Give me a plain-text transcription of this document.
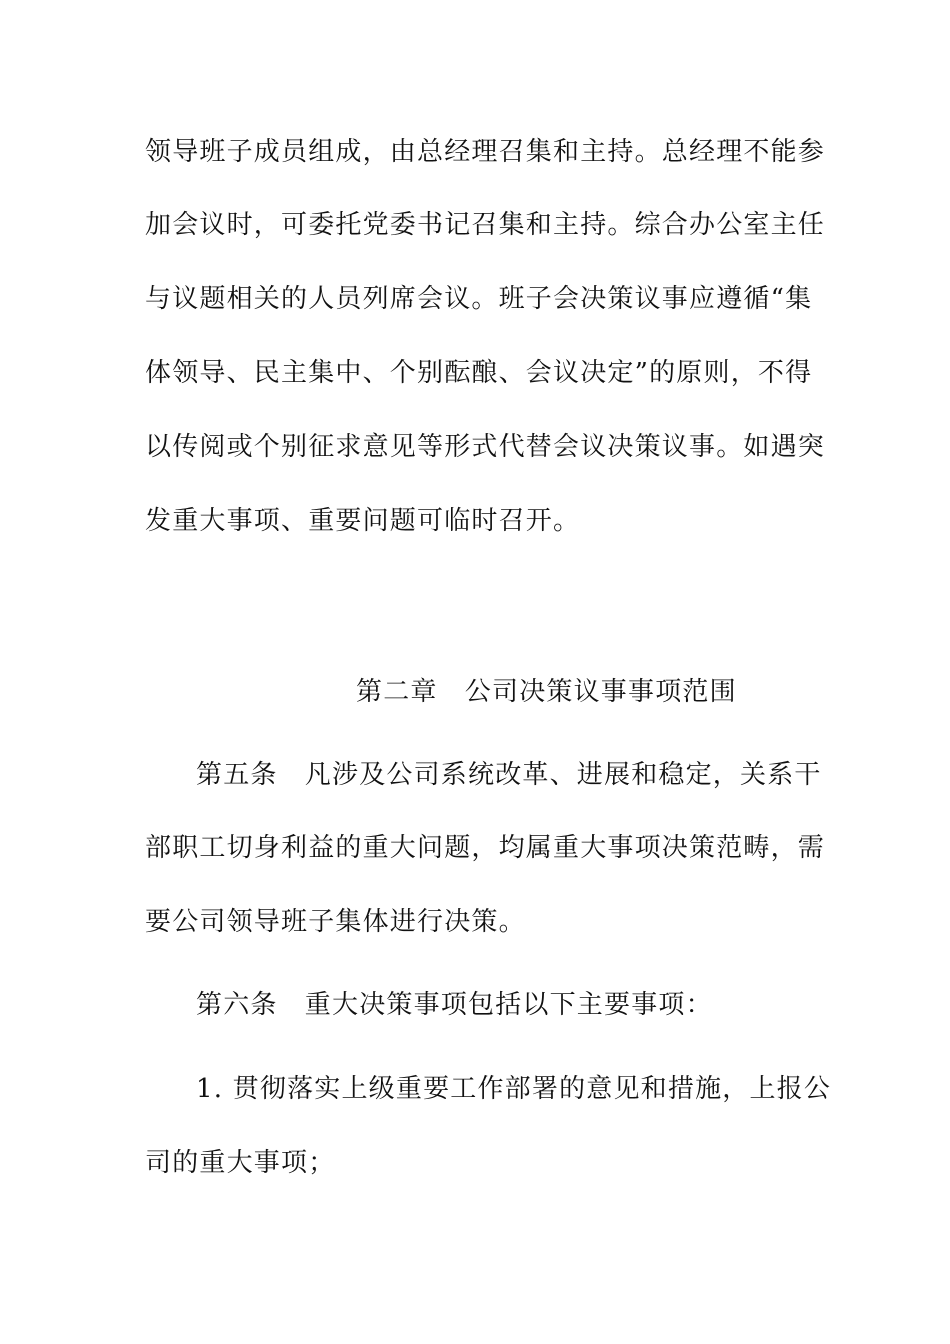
领导班子成员组成，由总经理召集和主持。总经理不能参
加会议时，可委托党委书记召集和主持。综合办公室主任
与议题相关的人员列席会议。班子会决策议事应遵循“集
体领导、民主集中、个别酝酿、会议决定”的原则，不得
以传阅或个别征求意见等形式代替会议决策议事。如遇突
发重大事项、重要问题可临时召开。
第二章　公司决策议事事项范围
第五条　凡涉及公司系统改革、进展和稳定，关系干
部职工切身利益的重大问题，均属重大事项决策范畴，需
要公司领导班子集体进行决策。
第六条　重大决策事项包括以下主要事项：
1. 贯彻落实上级重要工作部署的意见和措施，上报公
司的重大事项；
